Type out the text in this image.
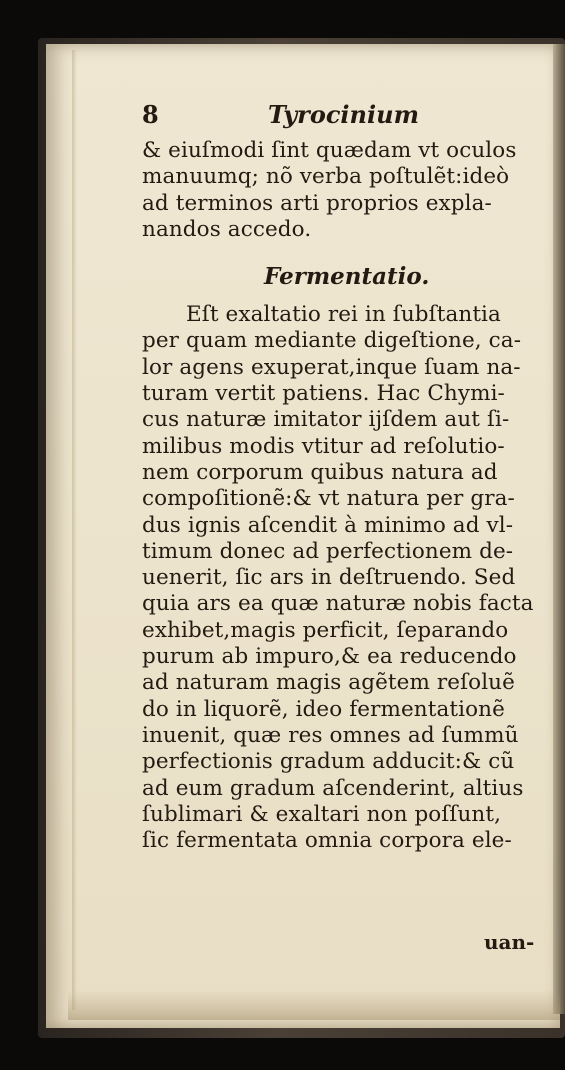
8	Tyrocinium
& eiuſmodi ſint quædam vt oculos
manuumq; nõ verba poſtulẽt:ideò
ad terminos arti proprios expla-
nandos accedo.
Fermentatio.
Eſt exaltatio rei in ſubſtantia
per quam mediante digeſtione, ca-
lor agens exuperat,inque ſuam na-
turam vertit patiens. Hac Chymi-
cus naturæ imitator ijſdem aut ſi-
milibus modis vtitur ad reſolutio-
nem corporum quibus natura ad
compoſitionẽ:& vt natura per gra-
dus ignis aſcendit à minimo ad vl-
timum donec ad perfectionem de-
uenerit, ſic ars in deſtruendo. Sed
quia ars ea quæ naturæ nobis facta
exhibet,magis perficit, ſeparando
purum ab impuro,& ea reducendo
ad naturam magis agẽtem reſoluẽ
do in liquorẽ, ideo fermentationẽ
inuenit, quæ res omnes ad ſummũ
perfectionis gradum adducit:& cũ
ad eum gradum aſcenderint, altius
ſublimari & exaltari non poſſunt,
ſic fermentata omnia corpora ele-
uan-
